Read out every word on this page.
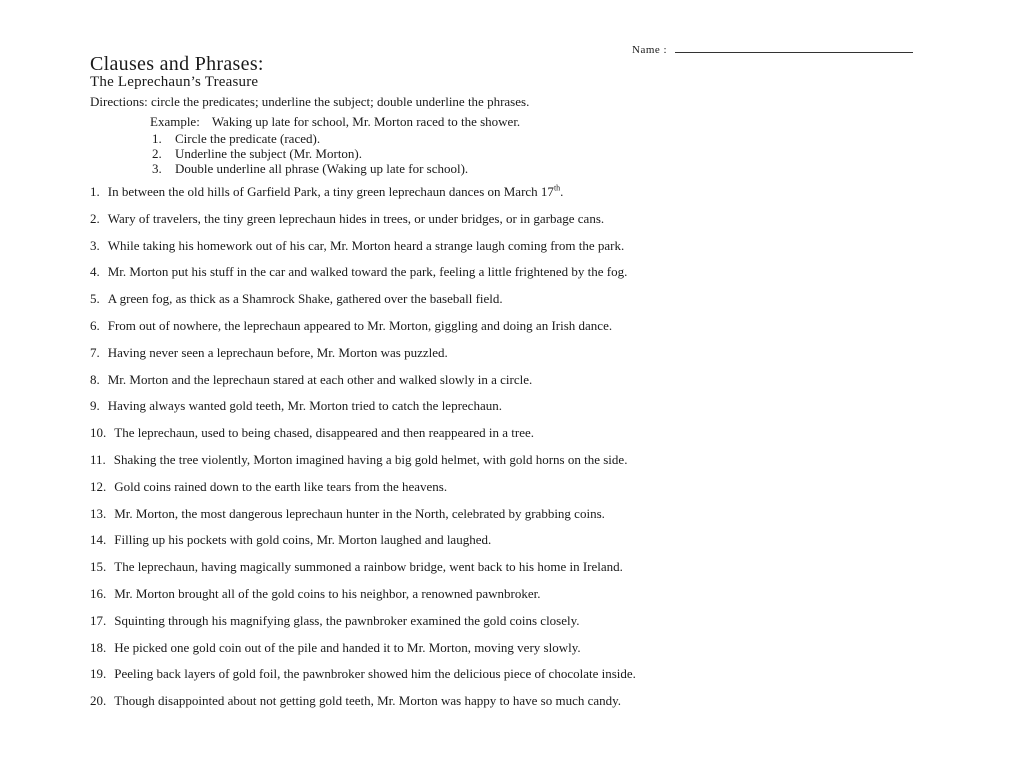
Name :
Clauses and Phrases:
The Leprechaun’s Treasure
Directions: circle the predicates; underline the subject; double underline the phrases.
Example: Waking up late for school, Mr. Morton raced to the shower.
1. Circle the predicate (raced).
2. Underline the subject (Mr. Morton).
3. Double underline all phrase (Waking up late for school).
1. In between the old hills of Garfield Park, a tiny green leprechaun dances on March 17th.
2. Wary of travelers, the tiny green leprechaun hides in trees, or under bridges, or in garbage cans.
3. While taking his homework out of his car, Mr. Morton heard a strange laugh coming from the park.
4. Mr. Morton put his stuff in the car and walked toward the park, feeling a little frightened by the fog.
5. A green fog, as thick as a Shamrock Shake, gathered over the baseball field.
6. From out of nowhere, the leprechaun appeared to Mr. Morton, giggling and doing an Irish dance.
7. Having never seen a leprechaun before, Mr. Morton was puzzled.
8. Mr. Morton and the leprechaun stared at each other and walked slowly in a circle.
9. Having always wanted gold teeth, Mr. Morton tried to catch the leprechaun.
10. The leprechaun, used to being chased, disappeared and then reappeared in a tree.
11. Shaking the tree violently, Morton imagined having a big gold helmet, with gold horns on the side.
12. Gold coins rained down to the earth like tears from the heavens.
13. Mr. Morton, the most dangerous leprechaun hunter in the North, celebrated by grabbing coins.
14. Filling up his pockets with gold coins, Mr. Morton laughed and laughed.
15. The leprechaun, having magically summoned a rainbow bridge, went back to his home in Ireland.
16. Mr. Morton brought all of the gold coins to his neighbor, a renowned pawnbroker.
17. Squinting through his magnifying glass, the pawnbroker examined the gold coins closely.
18. He picked one gold coin out of the pile and handed it to Mr. Morton, moving very slowly.
19. Peeling back layers of gold foil, the pawnbroker showed him the delicious piece of chocolate inside.
20. Though disappointed about not getting gold teeth, Mr. Morton was happy to have so much candy.
